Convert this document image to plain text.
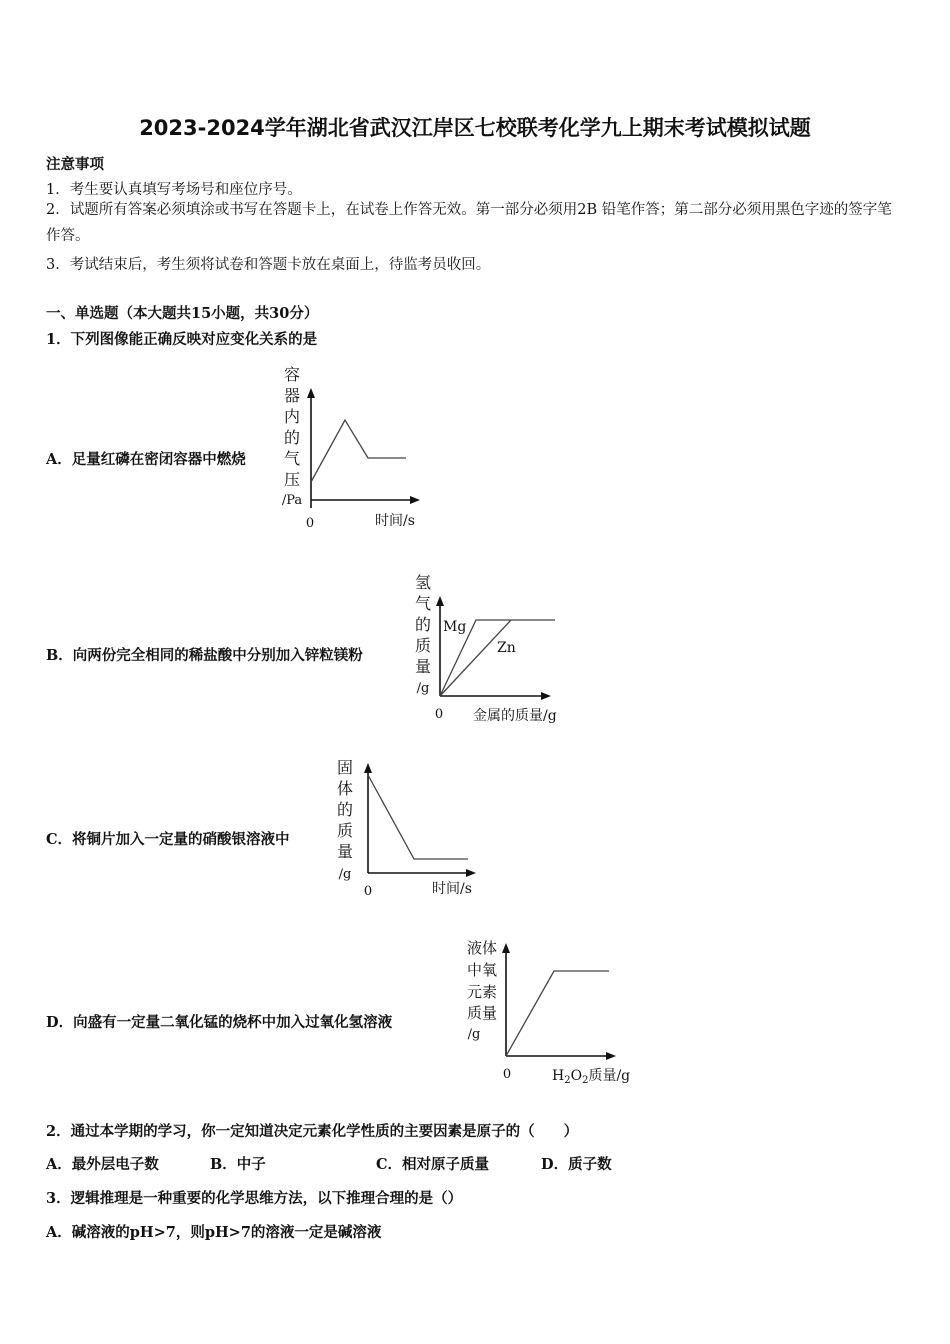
2023-2024学年湖北省武汉江岸区七校联考化学九上期末考试模拟试题
注意事项
1．考生要认真填写考场号和座位序号。
2．试题所有答案必须填涂或书写在答题卡上，在试卷上作答无效。第一部分必须用2B 铅笔作答；第二部分必须用黑色字迹的签字笔作答。
3．考试结束后，考生须将试卷和答题卡放在桌面上，待监考员收回。
一、单选题（本大题共15小题，共30分）
1．下列图像能正确反映对应变化关系的是
A．足量红磷在密闭容器中燃烧
容
器
内
的
气
压
/Pa
0	时间/s
B．向两份完全相同的稀盐酸中分别加入锌粒镁粉
氢
气
的
质
量
/g
Mg
Zn
0 金属的质量/g
C．将铜片加入一定量的硝酸银溶液中
固
体
的
质
量
/g
0	时间/s
D．向盛有一定量二氧化锰的烧杯中加入过氧化氢溶液
液体
中氧
元素
质量
/g
0	$H_2O_2$质量/g
2．通过本学期的学习，你一定知道决定元素化学性质的主要因素是原子的（　　）
A．最外层电子数	B．中子	C．相对原子质量	D．质子数
3．逻辑推理是一种重要的化学思维方法，以下推理合理的是（）
A．碱溶液的pH>7，则pH>7的溶液一定是碱溶液
